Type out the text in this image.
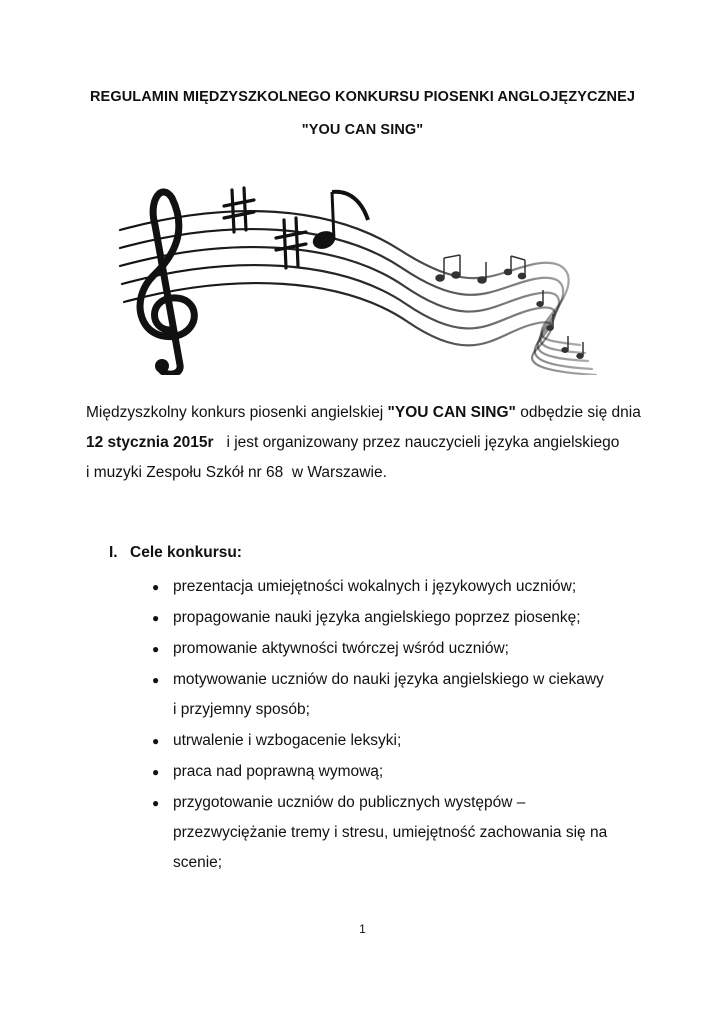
REGULAMIN MIĘDZYSZKOLNEGO KONKURSU PIOSENKI ANGLOJĘZYCZNEJ
"YOU CAN SING"
Międzyszkolny konkurs piosenki angielskiej "YOU CAN SING" odbędzie się dnia
12 stycznia 2015r   i jest organizowany przez nauczycieli języka angielskiego
i muzyki Zespołu Szkół nr 68  w Warszawie.
I. Cele konkursu:
● prezentacja umiejętności wokalnych i językowych uczniów;
● propagowanie nauki języka angielskiego poprzez piosenkę;
● promowanie aktywności twórczej wśród uczniów;
● motywowanie uczniów do nauki języka angielskiego w ciekawy
i przyjemny sposób;
● utrwalenie i wzbogacenie leksyki;
● praca nad poprawną wymową;
● przygotowanie uczniów do publicznych występów –
przezwyciężanie tremy i stresu, umiejętność zachowania się na
scenie;
1
